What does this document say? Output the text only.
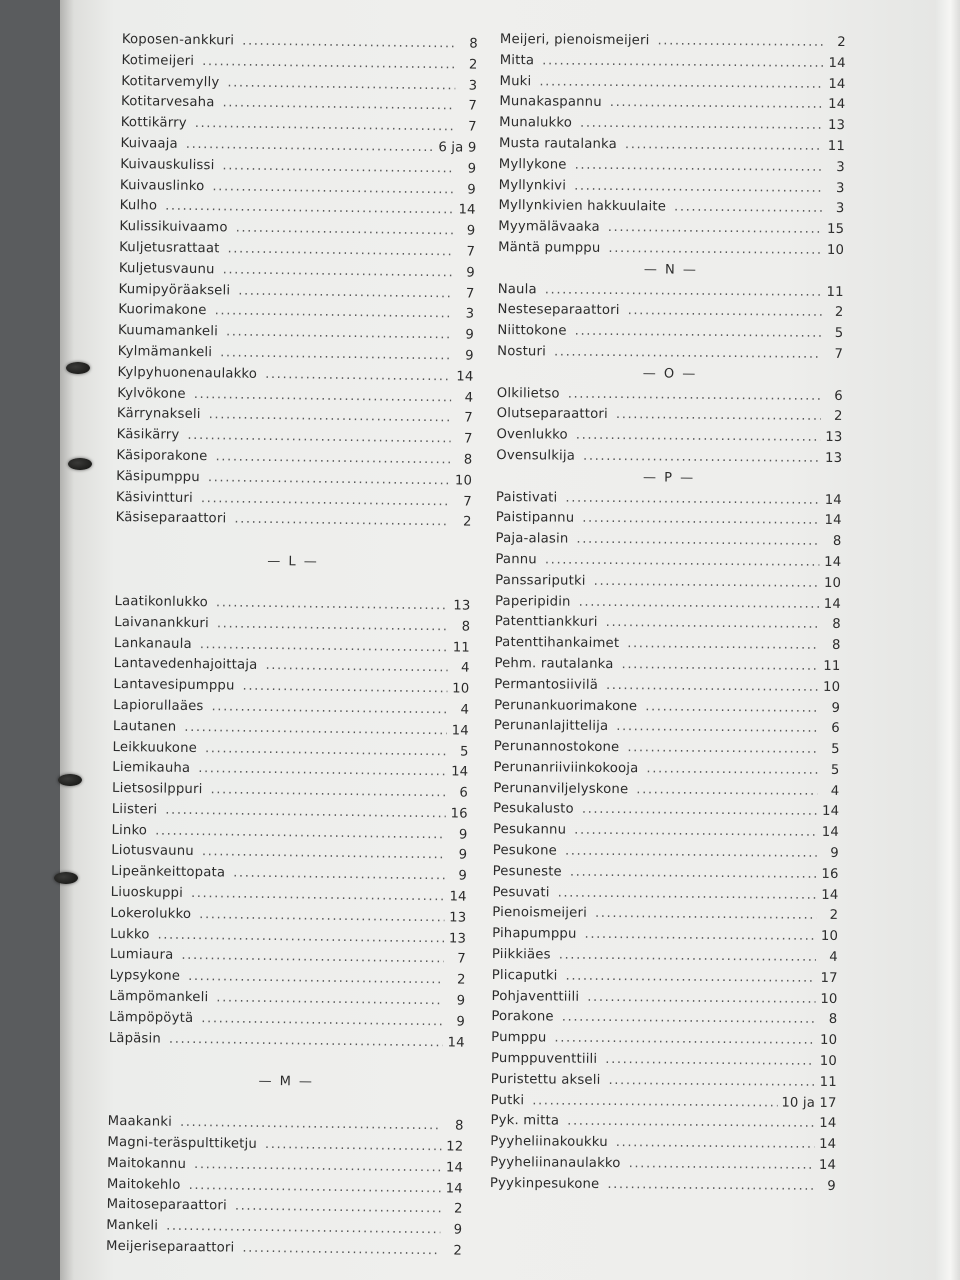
Koposen-ankkuri .....	8
Kotimeijeri .....	2
Kotitarvemylly .....	3
Kotitarvesaha .....	7
Kottikärry .....	7
Kuivaaja .....	6 ja 9
Kuivauskulissi .....	9
Kuivauslinko .....	9
Kulho .....	14
Kulissikuivaamo .....	9
Kuljetusrattaat .....	7
Kuljetusvaunu .....	9
Kumipyöräakseli .....	7
Kuorimakone .....	3
Kuumamankeli .....	9
Kylmämankeli .....	9
Kylpyhuonenaulakko .....	14
Kylvökone .....	4
Kärrynakseli .....	7
Käsikärry .....	7
Käsiporakone .....	8
Käsipumppu .....	10
Käsivintturi .....	7
Käsiseparaattori .....	2
— L —
Laatikonlukko .....	13
Laivanankkuri .....	8
Lankanaula .....	11
Lantavedenhajoittaja .....	4
Lantavesipumppu .....	10
Lapiorullaäes .....	4
Lautanen .....	14
Leikkuukone .....	5
Liemikauha .....	14
Lietsosilppuri .....	6
Liisteri .....	16
Linko .....	9
Liotusvaunu .....	9
Lipeänkeittopata .....	9
Liuoskuppi .....	14
Lokerolukko .....	13
Lukko .....	13
Lumiaura .....	7
Lypsykone .....	2
Lämpömankeli .....	9
Lämpöpöytä .....	9
Läpäsin .....	14
— M —
Maakanki .....	8
Magni-teräspulttiketju .....	12
Maitokannu .....	14
Maitokehlo .....	14
Maitoseparaattori .....	2
Mankeli .....	9
Meijeriseparaattori .....	2
Meijeri, pienoismeijeri .....	2
Mitta .....	14
Muki .....	14
Munakaspannu .....	14
Munalukko .....	13
Musta rautalanka .....	11
Myllykone .....	3
Myllynkivi .....	3
Myllynkivien hakkuulaite .....	3
Myymälävaaka .....	15
Mäntä pumppu .....	10
— N —
Naula .....	11
Nesteseparaattori .....	2
Niittokone .....	5
Nosturi .....	7
— O —
Olkilietso .....	6
Olutseparaattori .....	2
Ovenlukko .....	13
Ovensulkija .....	13
— P —
Paistivati .....	14
Paistipannu .....	14
Paja-alasin .....	8
Pannu .....	14
Panssariputki .....	10
Paperipidin .....	14
Patenttiankkuri .....	8
Patenttihankaimet .....	8
Pehm. rautalanka .....	11
Permantosiivilä .....	10
Perunankuorimakone .....	9
Perunanlajittelija .....	6
Perunannostokone .....	5
Perunanriiviinkokooja .....	5
Perunanviljelyskone .....	4
Pesukalusto .....	14
Pesukannu .....	14
Pesukone .....	9
Pesuneste .....	16
Pesuvati .....	14
Pienoismeijeri .....	2
Pihapumppu .....	10
Piikkiäes .....	4
Plicaputki .....	17
Pohjaventtiili .....	10
Porakone .....	8
Pumppu .....	10
Pumppuventtiili .....	10
Puristettu akseli .....	11
Putki .....	10 ja 17
Pyk. mitta .....	14
Pyyheliinakoukku .....	14
Pyyheliinanaulakko .....	14
Pyykinpesukone .....	9
